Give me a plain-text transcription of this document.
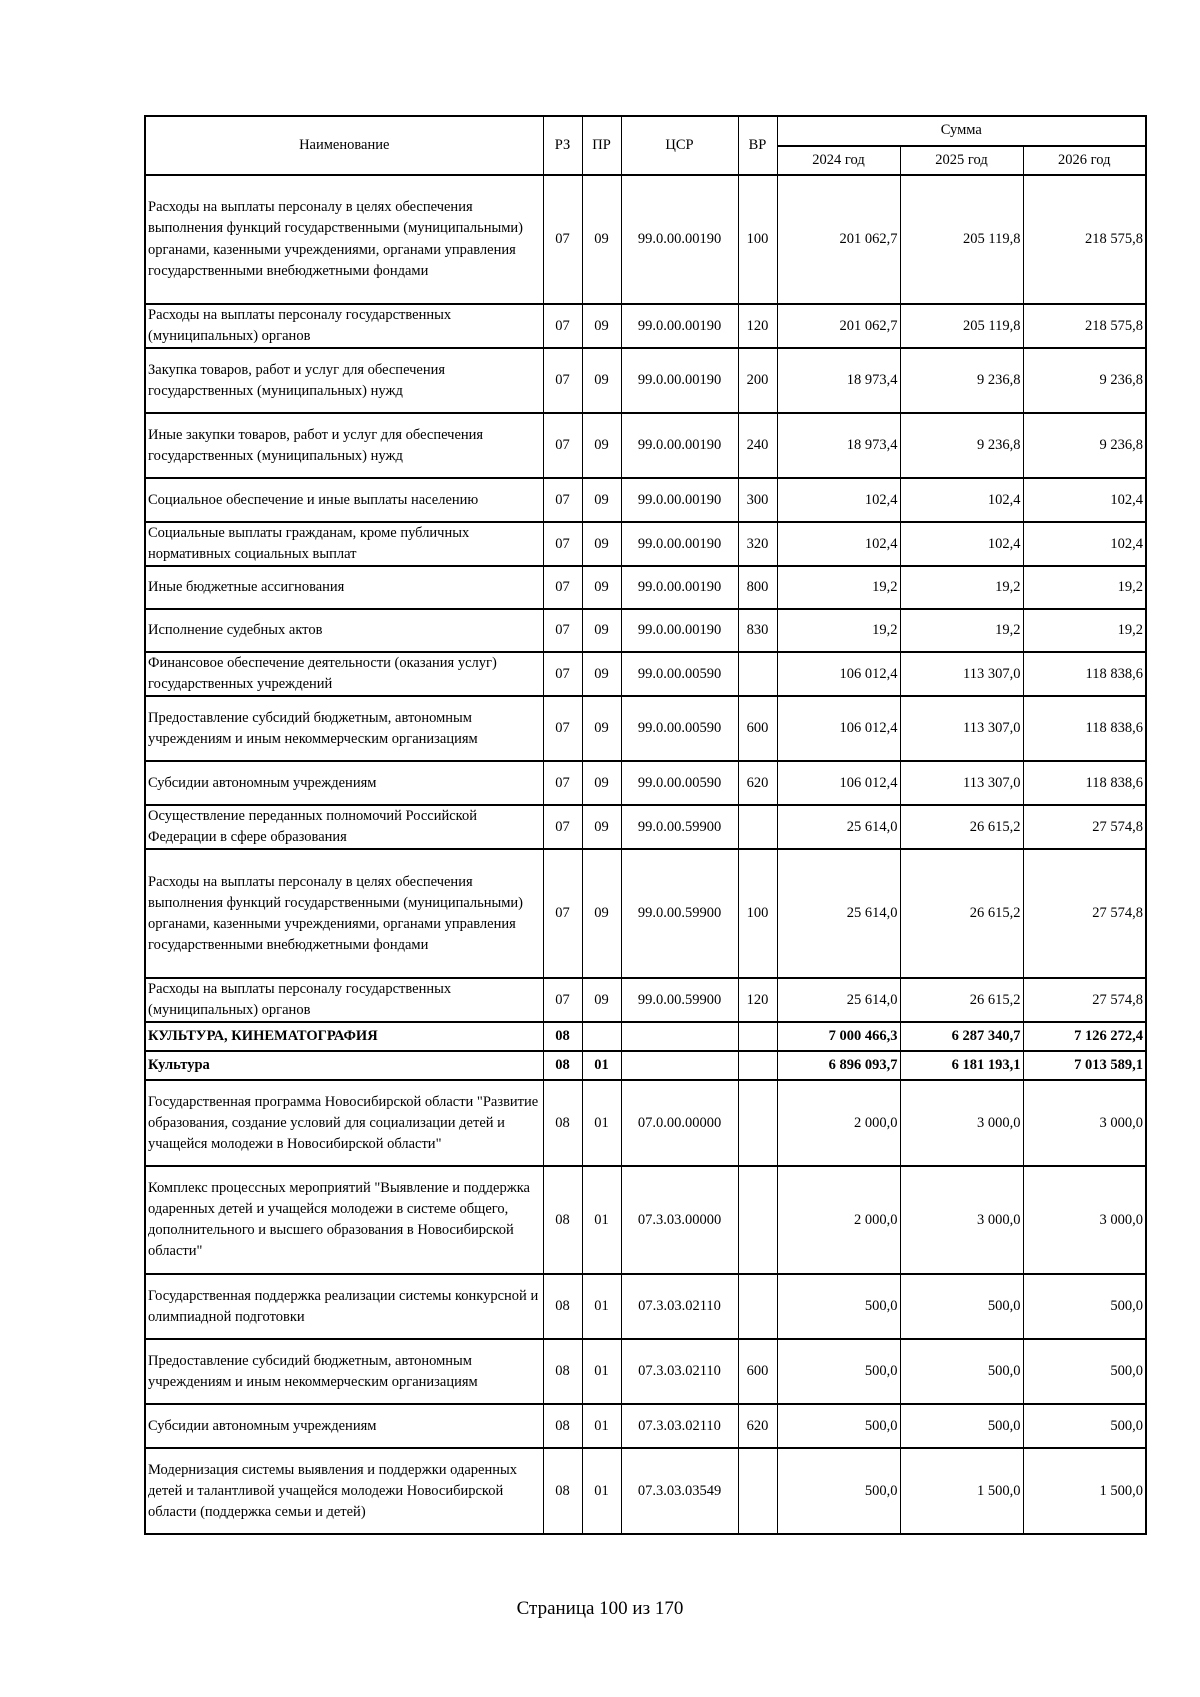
Наименование	РЗ	ПР	ЦСР	ВР	Сумма		
					2024 год	2025 год	2026 год
Расходы на выплаты персоналу в целях обеспечения выполнения функций государственными (муниципальными) органами, казенными учреждениями, органами управления государственными внебюджетными фондами	07	09	99.0.00.00190	100	201 062,7	205 119,8	218 575,8
Расходы на выплаты персоналу государственных (муниципальных) органов	07	09	99.0.00.00190	120	201 062,7	205 119,8	218 575,8
Закупка товаров, работ и услуг для обеспечения государственных (муниципальных) нужд	07	09	99.0.00.00190	200	18 973,4	9 236,8	9 236,8
Иные закупки товаров, работ и услуг для обеспечения государственных (муниципальных) нужд	07	09	99.0.00.00190	240	18 973,4	9 236,8	9 236,8
Социальное обеспечение и иные выплаты населению	07	09	99.0.00.00190	300	102,4	102,4	102,4
Социальные выплаты гражданам, кроме публичных нормативных социальных выплат	07	09	99.0.00.00190	320	102,4	102,4	102,4
Иные бюджетные ассигнования	07	09	99.0.00.00190	800	19,2	19,2	19,2
Исполнение судебных актов	07	09	99.0.00.00190	830	19,2	19,2	19,2
Финансовое обеспечение деятельности (оказания услуг) государственных учреждений	07	09	99.0.00.00590		106 012,4	113 307,0	118 838,6
Предоставление субсидий бюджетным, автономным учреждениям и иным некоммерческим организациям	07	09	99.0.00.00590	600	106 012,4	113 307,0	118 838,6
Субсидии автономным учреждениям	07	09	99.0.00.00590	620	106 012,4	113 307,0	118 838,6
Осуществление переданных полномочий Российской Федерации в сфере образования	07	09	99.0.00.59900		25 614,0	26 615,2	27 574,8
Расходы на выплаты персоналу в целях обеспечения выполнения функций государственными (муниципальными) органами, казенными учреждениями, органами управления государственными внебюджетными фондами	07	09	99.0.00.59900	100	25 614,0	26 615,2	27 574,8
Расходы на выплаты персоналу государственных (муниципальных) органов	07	09	99.0.00.59900	120	25 614,0	26 615,2	27 574,8
КУЛЬТУРА, КИНЕМАТОГРАФИЯ	08				7 000 466,3	6 287 340,7	7 126 272,4
Культура	08	01			6 896 093,7	6 181 193,1	7 013 589,1
Государственная программа Новосибирской области "Развитие образования, создание условий для социализации детей и учащейся молодежи в Новосибирской области"	08	01	07.0.00.00000		2 000,0	3 000,0	3 000,0
Комплекс процессных мероприятий "Выявление и поддержка одаренных детей и учащейся молодежи в системе общего, дополнительного и высшего образования в Новосибирской области"	08	01	07.3.03.00000		2 000,0	3 000,0	3 000,0
Государственная поддержка реализации системы конкурсной и олимпиадной подготовки	08	01	07.3.03.02110		500,0	500,0	500,0
Предоставление субсидий бюджетным, автономным учреждениям и иным некоммерческим организациям	08	01	07.3.03.02110	600	500,0	500,0	500,0
Субсидии автономным учреждениям	08	01	07.3.03.02110	620	500,0	500,0	500,0
Модернизация системы выявления и поддержки одаренных детей и талантливой учащейся молодежи Новосибирской области (поддержка семьи и детей)	08	01	07.3.03.03549		500,0	1 500,0	1 500,0
Страница 100 из 170
